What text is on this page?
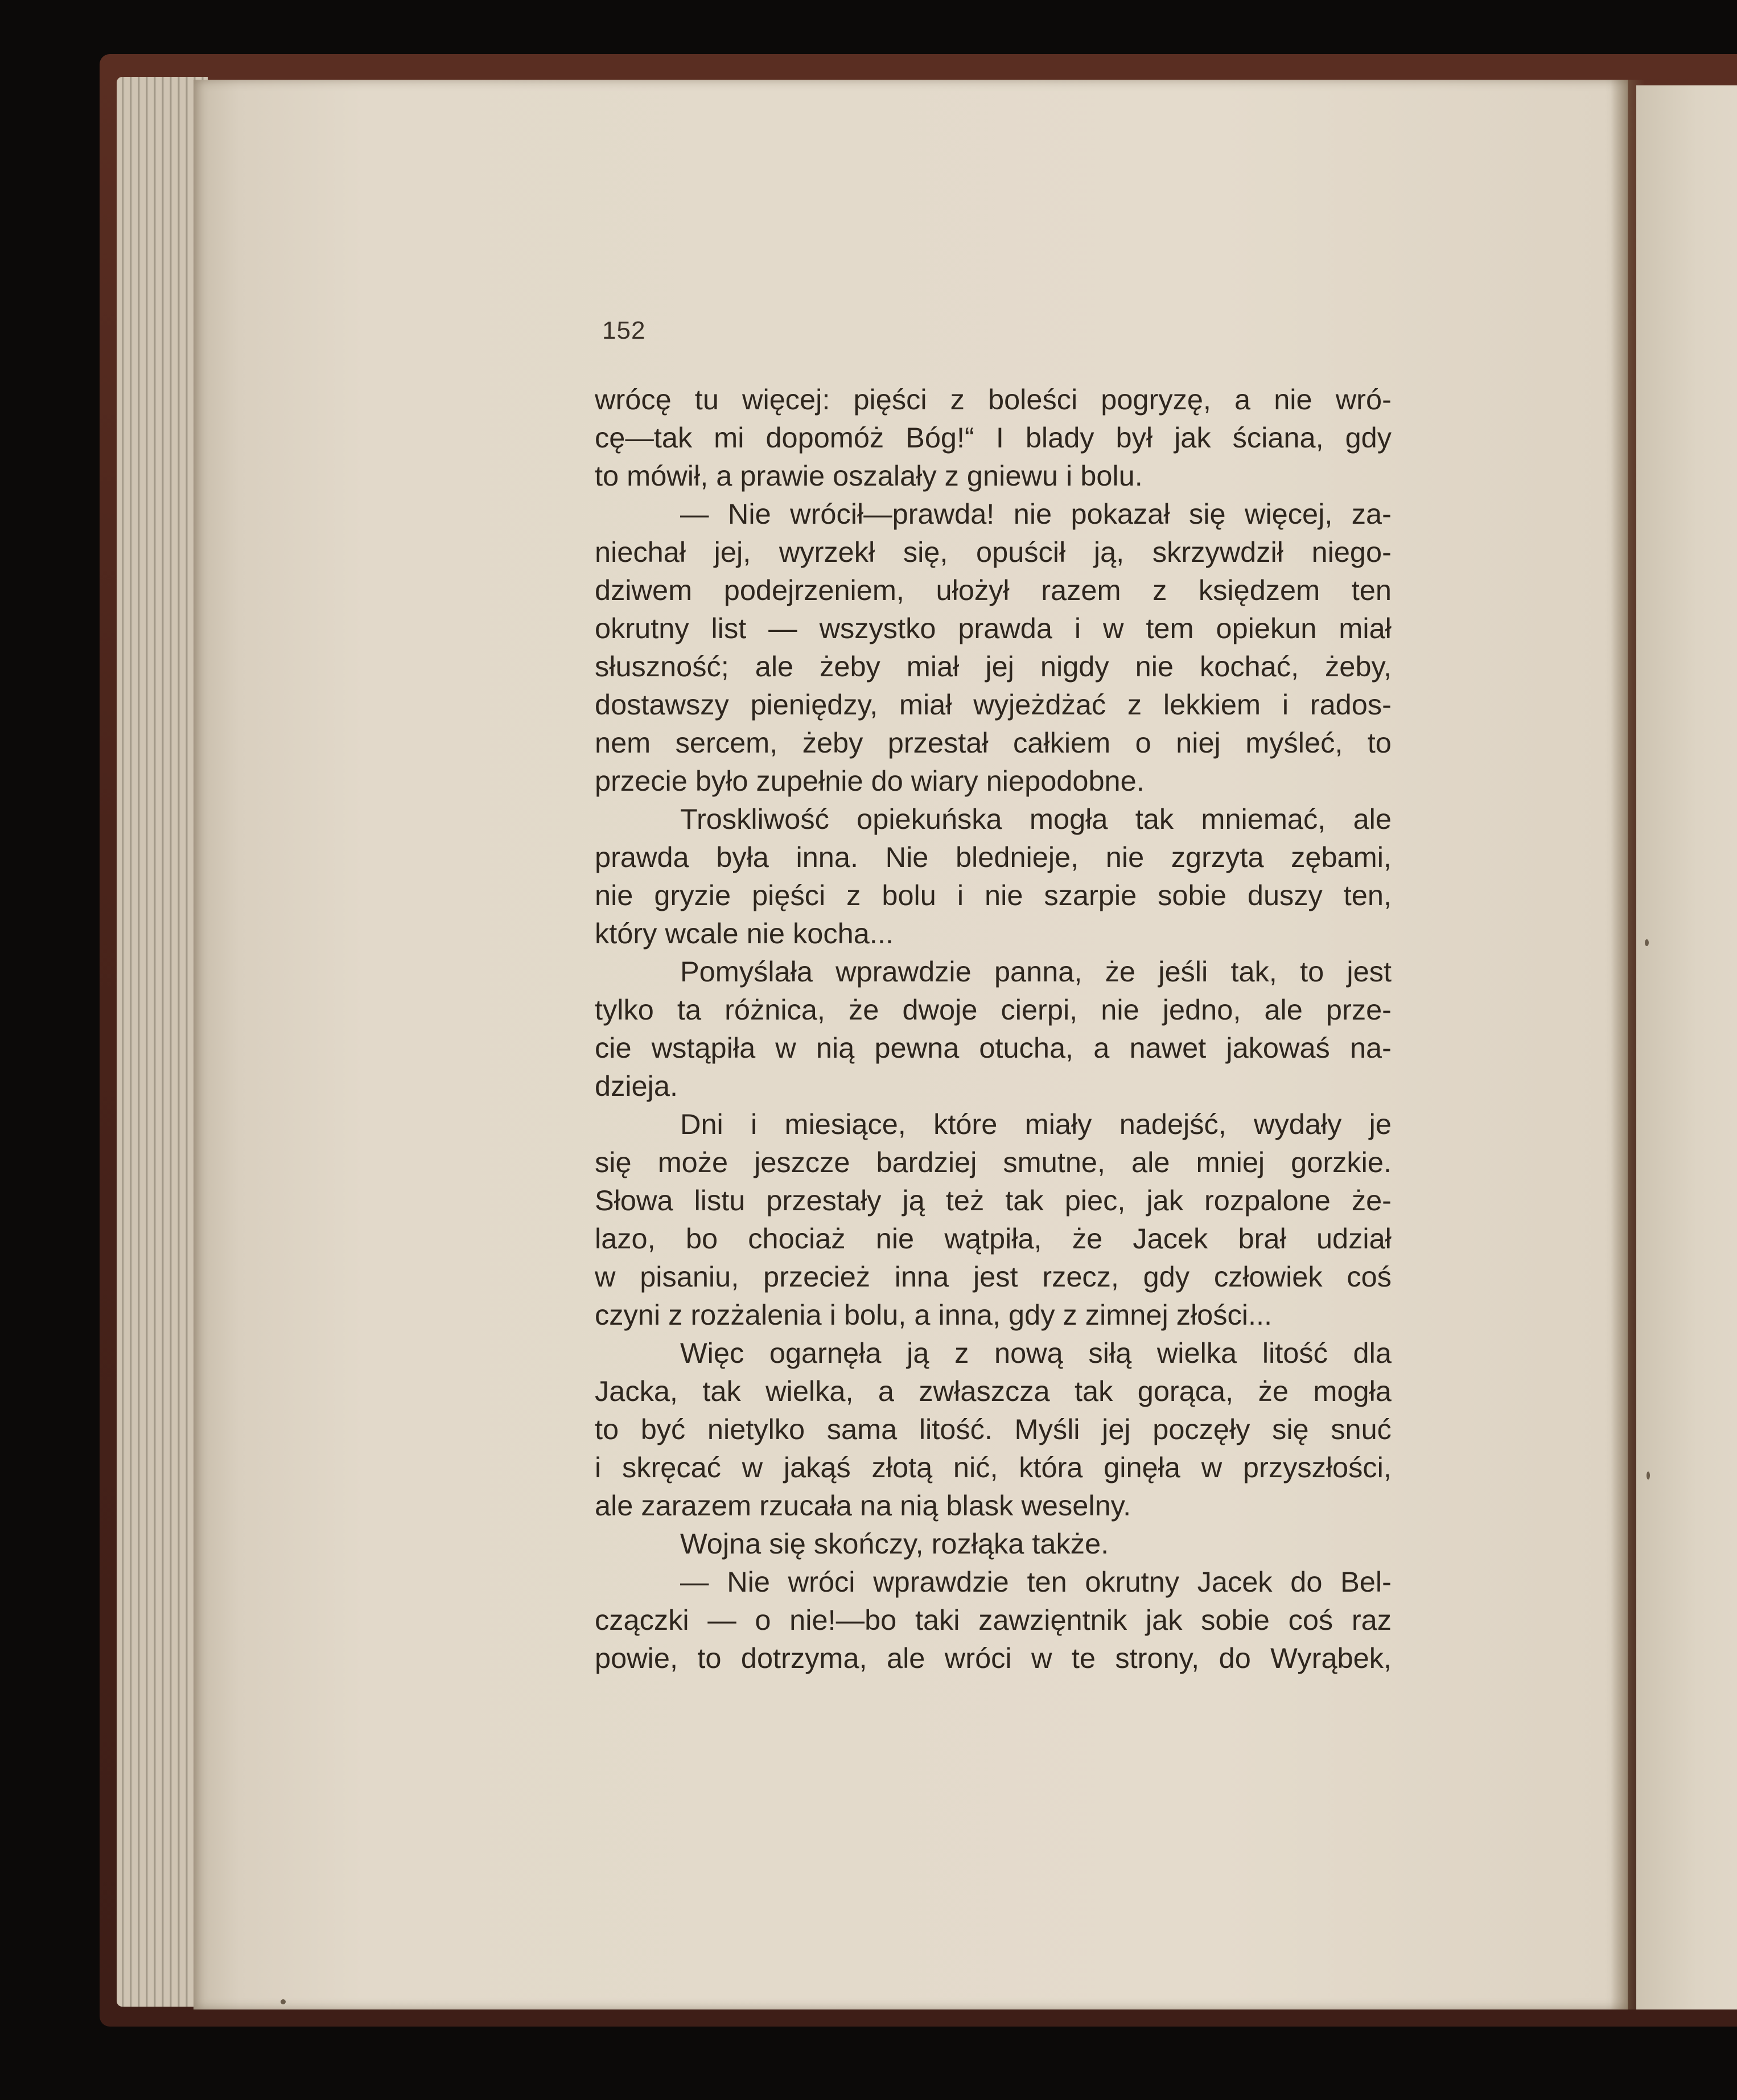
152
wrócę tu więcej: pięści z boleści pogryzę, a nie wró-
cę—tak mi dopomóż Bóg!“ I blady był jak ściana, gdy
to mówił, a prawie oszalały z gniewu i bolu.
— Nie wrócił—prawda! nie pokazał się więcej, za-
niechał jej, wyrzekł się, opuścił ją, skrzywdził niego-
dziwem podejrzeniem, ułożył razem z księdzem ten
okrutny list — wszystko prawda i w tem opiekun miał
słuszność; ale żeby miał jej nigdy nie kochać, żeby,
dostawszy pieniędzy, miał wyjeżdżać z lekkiem i rados-
nem sercem, żeby przestał całkiem o niej myśleć, to
przecie było zupełnie do wiary niepodobne.
Troskliwość opiekuńska mogła tak mniemać, ale
prawda była inna. Nie blednieje, nie zgrzyta zębami,
nie gryzie pięści z bolu i nie szarpie sobie duszy ten,
który wcale nie kocha...
Pomyślała wprawdzie panna, że jeśli tak, to jest
tylko ta różnica, że dwoje cierpi, nie jedno, ale prze-
cie wstąpiła w nią pewna otucha, a nawet jakowaś na-
dzieja.
Dni i miesiące, które miały nadejść, wydały je
się może jeszcze bardziej smutne, ale mniej gorzkie.
Słowa listu przestały ją też tak piec, jak rozpalone że-
lazo, bo chociaż nie wątpiła, że Jacek brał udział
w pisaniu, przecież inna jest rzecz, gdy człowiek coś
czyni z rozżalenia i bolu, a inna, gdy z zimnej złości...
Więc ogarnęła ją z nową siłą wielka litość dla
Jacka, tak wielka, a zwłaszcza tak gorąca, że mogła
to być nietylko sama litość. Myśli jej poczęły się snuć
i skręcać w jakąś złotą nić, która ginęła w przyszłości,
ale zarazem rzucała na nią blask weselny.
Wojna się skończy, rozłąka także.
— Nie wróci wprawdzie ten okrutny Jacek do Bel-
czączki — o nie!—bo taki zawzięntnik jak sobie coś raz
powie, to dotrzyma, ale wróci w te strony, do Wyrąbek,
